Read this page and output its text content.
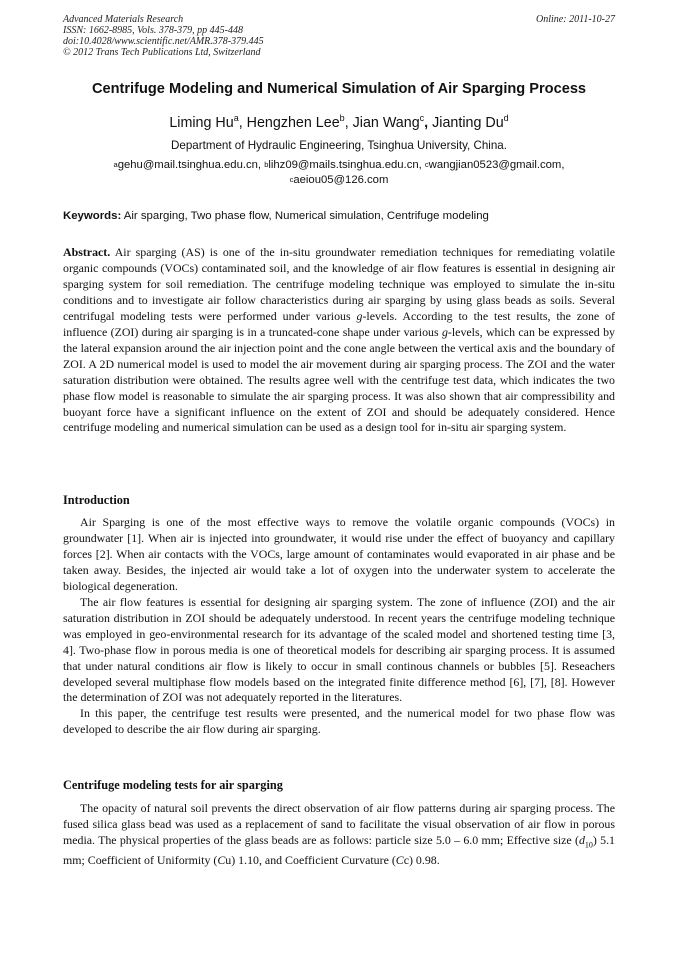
Advanced Materials Research
ISSN: 1662-8985, Vols. 378-379, pp 445-448
doi:10.4028/www.scientific.net/AMR.378-379.445
© 2012 Trans Tech Publications Ltd, Switzerland
Online: 2011-10-27
Centrifuge Modeling and Numerical Simulation of Air Sparging Process
Liming Hu$^a$, Hengzhen Lee$^b$, Jian Wang$^c$, Jianting Du$^d$
Department of Hydraulic Engineering, Tsinghua University, China.
$^a$gehu@mail.tsinghua.edu.cn, $^b$lihz09@mails.tsinghua.edu.cn, $^c$wangjian0523@gmail.com,
$^c$aeiou05@126.com
Keywords: Air sparging, Two phase flow, Numerical simulation, Centrifuge modeling
Abstract. Air sparging (AS) is one of the in-situ groundwater remediation techniques for remediating volatile organic compounds (VOCs) contaminated soil, and the knowledge of air flow features is essential in designing air sparging system for soil remediation. The centrifuge modeling technique was employed to simulate the in-situ conditions and to investigate air follow characteristics during air sparging by using glass beads as soils. Several centrifugal modeling tests were performed under various g-levels. According to the test results, the zone of influence (ZOI) during air sparging is in a truncated-cone shape under various g-levels, which can be expressed by the lateral expansion around the air injection point and the cone angle between the vertical axis and the boundary of ZOI. A 2D numerical model is used to model the air movement during air sparging process. The ZOI and the water saturation distribution were obtained. The results agree well with the centrifuge test data, which indicates the two phase flow model is reasonable to simulate the air sparging process. It was also shown that air compressibility and buoyant force have a significant influence on the extent of ZOI and should be adequately considered. Hence centrifuge modeling and numerical simulation can be used as a design tool for in-situ air sparging system.
Introduction

Air Sparging is one of the most effective ways to remove the volatile organic compounds (VOCs) in groundwater [1]. When air is injected into groundwater, it would rise under the effect of buoyancy and capillary forces [2]. When air contacts with the VOCs, large amount of contaminates would evaporated in air phase and be taken away. Besides, the injected air would take a lot of oxygen into the underwater system to accelerate the biological degeneration.

The air flow features is essential for designing air sparging system. The zone of influence (ZOI) and the air saturation distribution in ZOI should be adequately understood. In recent years the centrifuge modeling technique was employed in geo-environmental research for its advantage of the scaled model and shortened testing time [3, 4]. Two-phase flow in porous media is one of theoretical models for describing air sparging process. It is assumed that under natural conditions air flow is likely to occur in small continous channels or bubbles [5]. Reseachers developed several multiphase flow models based on the integrated finite difference method [6], [7], [8]. However the determination of ZOI was not adequately reported in the literatures.

In this paper, the centrifuge test results were presented, and the numerical model for two phase flow was developed to describe the air flow during air sparging.

Centrifuge modeling tests for air sparging

The opacity of natural soil prevents the direct observation of air flow patterns during air sparging process. The fused silica glass bead was used as a replacement of sand to facilitate the visual observation of air flow in porous media. The physical properties of the glass beads are as follows: particle size 5.0 – 6.0 mm; Effective size $(d_{10})$ 5.1 mm; Coefficient of Uniformity (Cu) 1.10, and Coefficient Curvature (Cc) 0.98.
